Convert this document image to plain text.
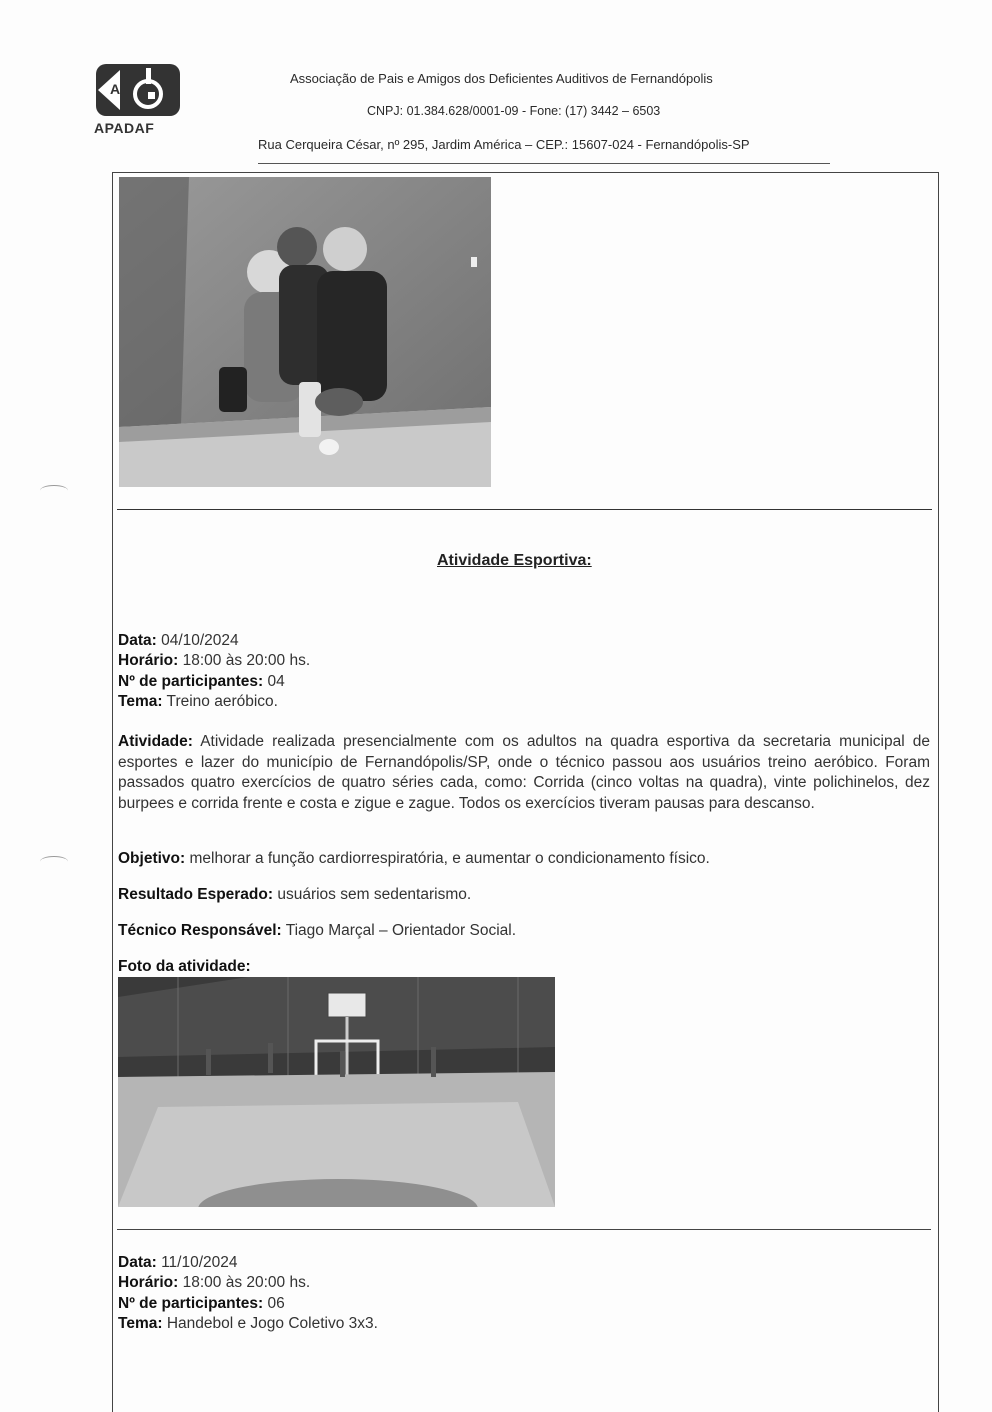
A
APADAF
Associação de Pais e Amigos dos Deficientes Auditivos de Fernandópolis
CNPJ: 01.384.628/0001-09 - Fone: (17) 3442 – 6503
Rua Cerqueira César, nº 295, Jardim América – CEP.: 15607-024 - Fernandópolis-SP
Atividade Esportiva:
Data: 04/10/2024
Horário: 18:00 às 20:00 hs.
Nº de participantes: 04
Tema: Treino aeróbico.
Atividade: Atividade realizada presencialmente com os adultos na quadra esportiva da secretaria municipal de esportes e lazer do município de Fernandópolis/SP, onde o técnico passou aos usuários treino aeróbico. Foram passados quatro exercícios de quatro séries cada, como: Corrida (cinco voltas na quadra), vinte polichinelos, dez burpees e corrida frente e costa e zigue e zague. Todos os exercícios tiveram pausas para descanso.
Objetivo: melhorar a função cardiorrespiratória, e aumentar o condicionamento físico.
Resultado Esperado: usuários sem sedentarismo.
Técnico Responsável: Tiago Marçal – Orientador Social.
Foto da atividade:
Data: 11/10/2024
Horário: 18:00 às 20:00 hs.
Nº de participantes: 06
Tema: Handebol e Jogo Coletivo 3x3.
